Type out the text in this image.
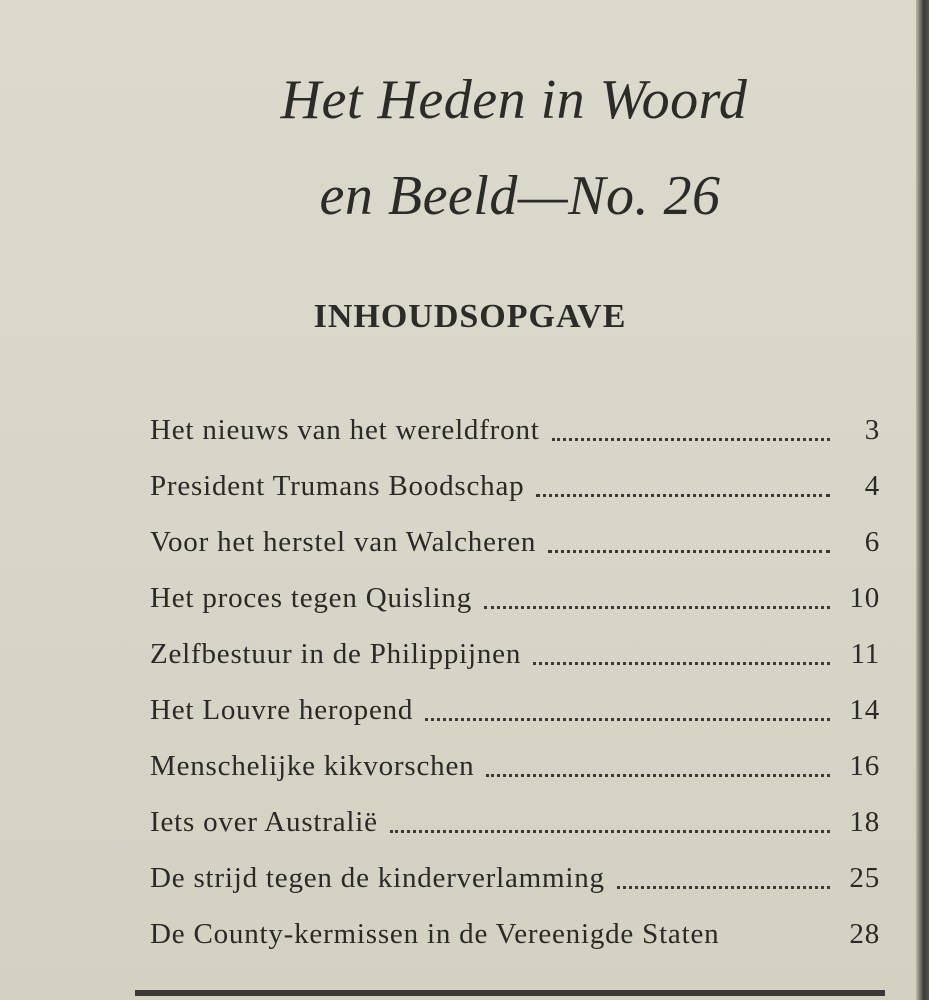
Het Heden in Woord
en Beeld—No. 26
INHOUDSOPGAVE
Het nieuws van het wereldfront	3
President Trumans Boodschap	4
Voor het herstel van Walcheren	6
Het proces tegen Quisling	10
Zelfbestuur in de Philippijnen	11
Het Louvre heropend	14
Menschelijke kikvorschen	16
Iets over Australië	18
De strijd tegen de kinderverlamming	25
De County-kermissen in de Vereenigde Staten	28
